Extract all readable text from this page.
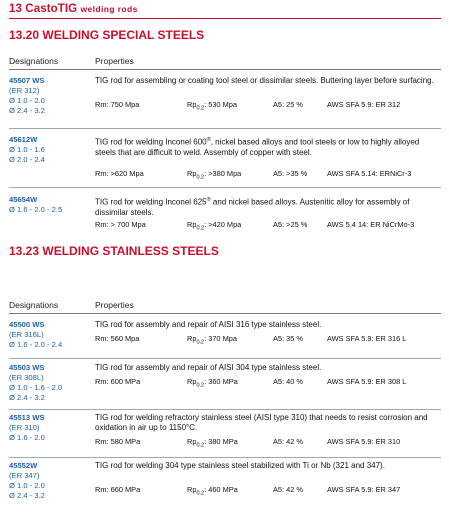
13 CastoTIG welding rods
13.20 WELDING SPECIAL STEELS
Designations	Properties
45507 WS
(ER 312)
Ø 1.0 - 2.0
Ø 2.4 - 3.2
TIG rod for assembling or coating tool steel or dissimilar steels. Buttering layer before surfacing.
Rm: 750 Mpa	$Rp_{0.2}$: 530 Mpa	A5: 25 %	AWS SFA 5.9: ER 312
45612W
Ø 1.0 - 1.6
Ø 2.0 - 2.4
TIG rod for welding Inconel 600®, nickel based alloys and tool steels or low to highly alloyed steels that are difficult to weld. Assembly of copper with steel.
Rm: >620 Mpa	$Rp_{0.2}$: >380 Mpa	A5: >35 %	AWS SFA 5.14: ERNiCr-3
45654W
Ø 1.6 - 2.0 - 2.5
TIG rod for welding Inconel 625® and nickel based alloys. Austenitic alloy for assembly of dissimilar steels.
Rm: > 700 Mpa	$Rp_{0.2}$: >420 Mpa	A5: >25 %	AWS 5.4 14: ER NiCrMo-3
13.23 WELDING STAINLESS STEELS
Designations	Properties
45500 WS
(ER 316L)
Ø 1.6 - 2.0 - 2.4
TIG rod for assembly and repair of AISI 316 type stainless steel.
Rm: 560 Mpa	$Rp_{0.2}$: 370 Mpa	A5: 35 %	AWS SFA 5.9: ER 316 L
45503 WS
(ER 308L)
Ø 1.0 - 1.6 - 2.0
Ø 2.4 - 3.2
TIG rod for assembly and repair of AISI 304 type stainless steel.
Rm: 600 MPa	$Rp_{0.2}$: 360 MPa	A5: 40 %	AWS SFA 5.9: ER 308 L
45513 WS
(ER 310)
Ø 1.6 - 2.0
TIG rod for welding refractory stainless steel (AISI type 310) that needs to resist corrosion and oxidation in air up to 1150°C.
Rm: 580 MPa	$Rp_{0.2}$: 380 MPa	A5: 42 %	AWS SFA 5.9: ER 310
45552W
(ER 347)
Ø 1.0 - 2.0
Ø 2.4 - 3.2
TIG rod for welding 304 type stainless steel stabilized with Ti or Nb (321 and 347).
Rm: 660 MPa	$Rp_{0.2}$: 460 MPa	A5: 42 %	AWS SFA 5.9: ER 347
